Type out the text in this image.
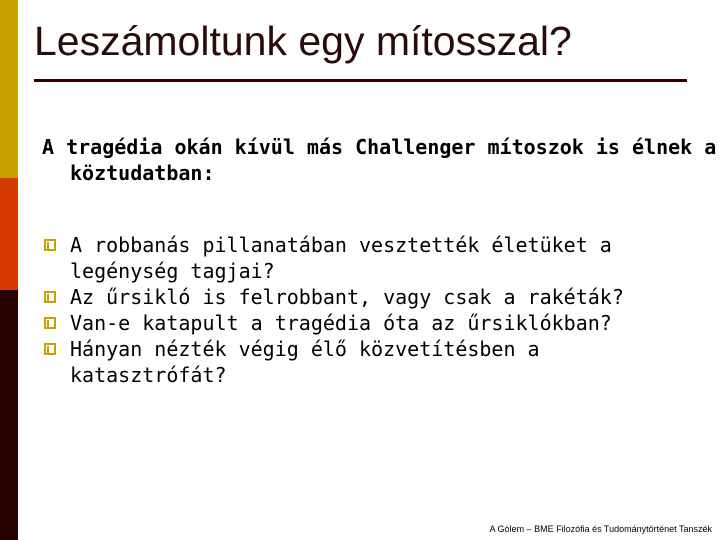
Leszámoltunk egy mítosszal?

A tragédia okán kívül más Challenger mítoszok is élnek a köztudatban:

A robbanás pillanatában vesztették életüket a legénység tagjai?
Az űrsikló is felrobbant, vagy csak a rakéták?
Van-e katapult a tragédia óta az űrsiklókban?
Hányan nézték végig élő közvetítésben a katasztrófát?

A Gólem – BME Filozófia és Tudománytörténet Tanszék
